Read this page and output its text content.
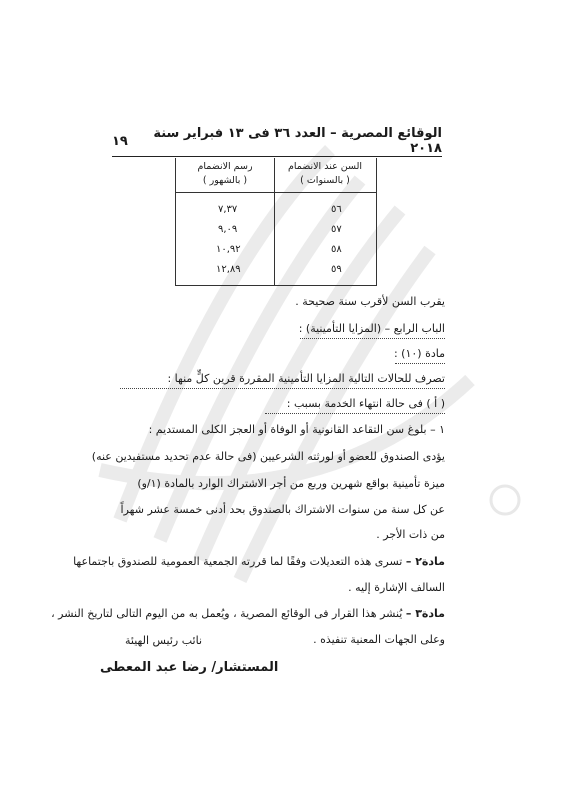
الوقائع المصرية – العدد ٣٦ فى ١٣ فبراير سنة ٢٠١٨
١٩
السن عند الانضمام
( بالسنوات )
رسم الانضمام
( بالشهور )
٥٦
٧,٣٧
٥٧
٩,٠٩
٥٨
١٠,٩٢
٥٩
١٢,٨٩
يقرب السن لأقرب سنة صحيحة .
الباب الرابع – (المزايا التأمينية) :
مادة (١٠) :
تصرف للحالات التالية المزايا التأمينية المقررة قرين كلٍّ منها :
( أ ) فى حالة انتهاء الخدمة بسبب :
١ – بلوغ سن التقاعد القانونية أو الوفاة أو العجز الكلى المستديم :
يؤدى الصندوق للعضو أو لورثته الشرعيين (فى حالة عدم تحديد مستفيدين عنه)
ميزة تأمينية بواقع شهرين وربع من أجر الاشتراك الوارد بالمادة (١/و)
عن كل سنة من سنوات الاشتراك بالصندوق بحد أدنى خمسة عشر شهراً
من ذات الأجر .
مادة٢ – تسرى هذه التعديلات وفقًا لما قررته الجمعية العمومية للصندوق باجتماعها
السالف الإشارة إليه .
مادة٣ – يُنشر هذا القرار فى الوقائع المصرية ، ويُعمل به من اليوم التالى لتاريخ النشر ،
وعلى الجهات المعنية تنفيذه .
نائب رئيس الهيئة
المستشار/ رضا عبد المعطى
